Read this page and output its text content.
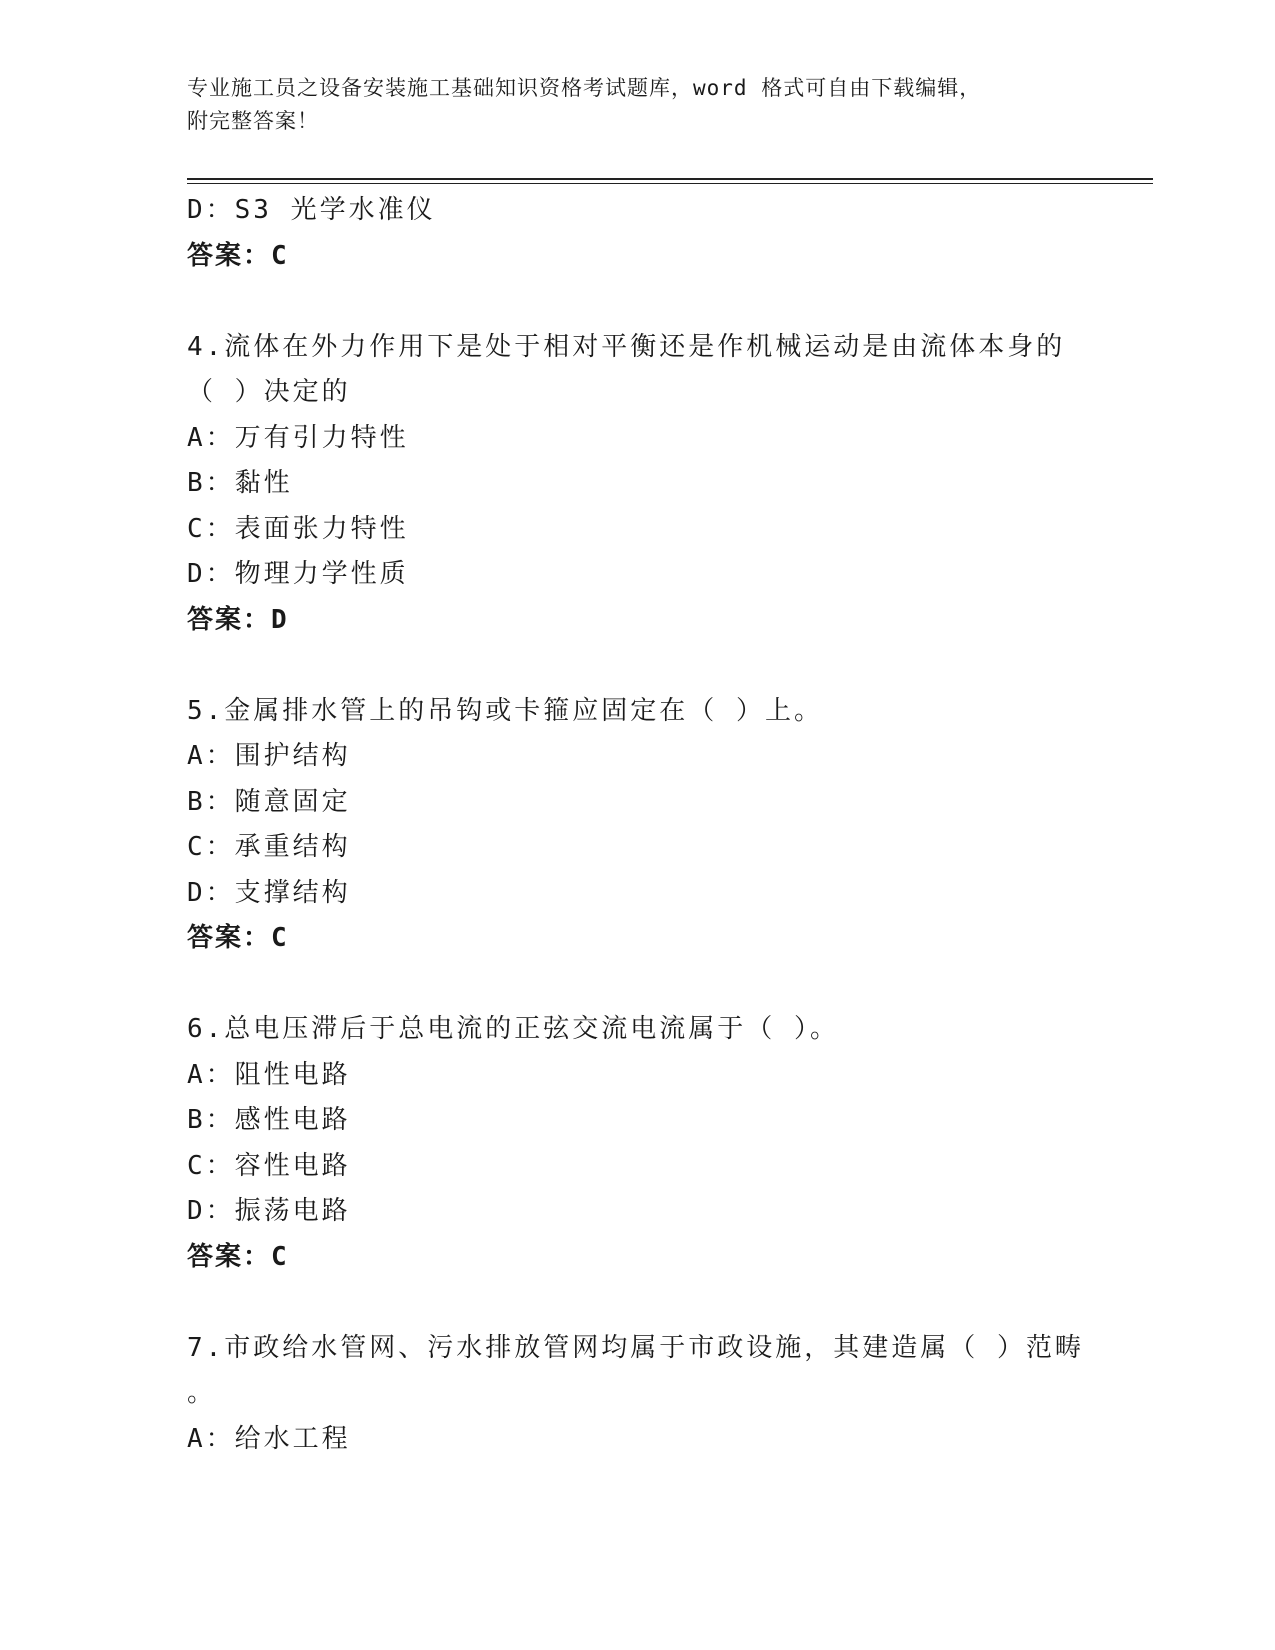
专业施工员之设备安装施工基础知识资格考试题库，word 格式可自由下载编辑，
附完整答案！
D：S3 光学水准仪
答案：C
4.流体在外力作用下是处于相对平衡还是作机械运动是由流体本身的
（ ）决定的
A：万有引力特性
B：黏性
C：表面张力特性
D：物理力学性质
答案：D
5.金属排水管上的吊钩或卡箍应固定在（ ）上。
A：围护结构
B：随意固定
C：承重结构
D：支撑结构
答案：C
6.总电压滞后于总电流的正弦交流电流属于（ ）。
A：阻性电路
B：感性电路
C：容性电路
D：振荡电路
答案：C
7.市政给水管网、污水排放管网均属于市政设施，其建造属（ ）范畴
。
A：给水工程
